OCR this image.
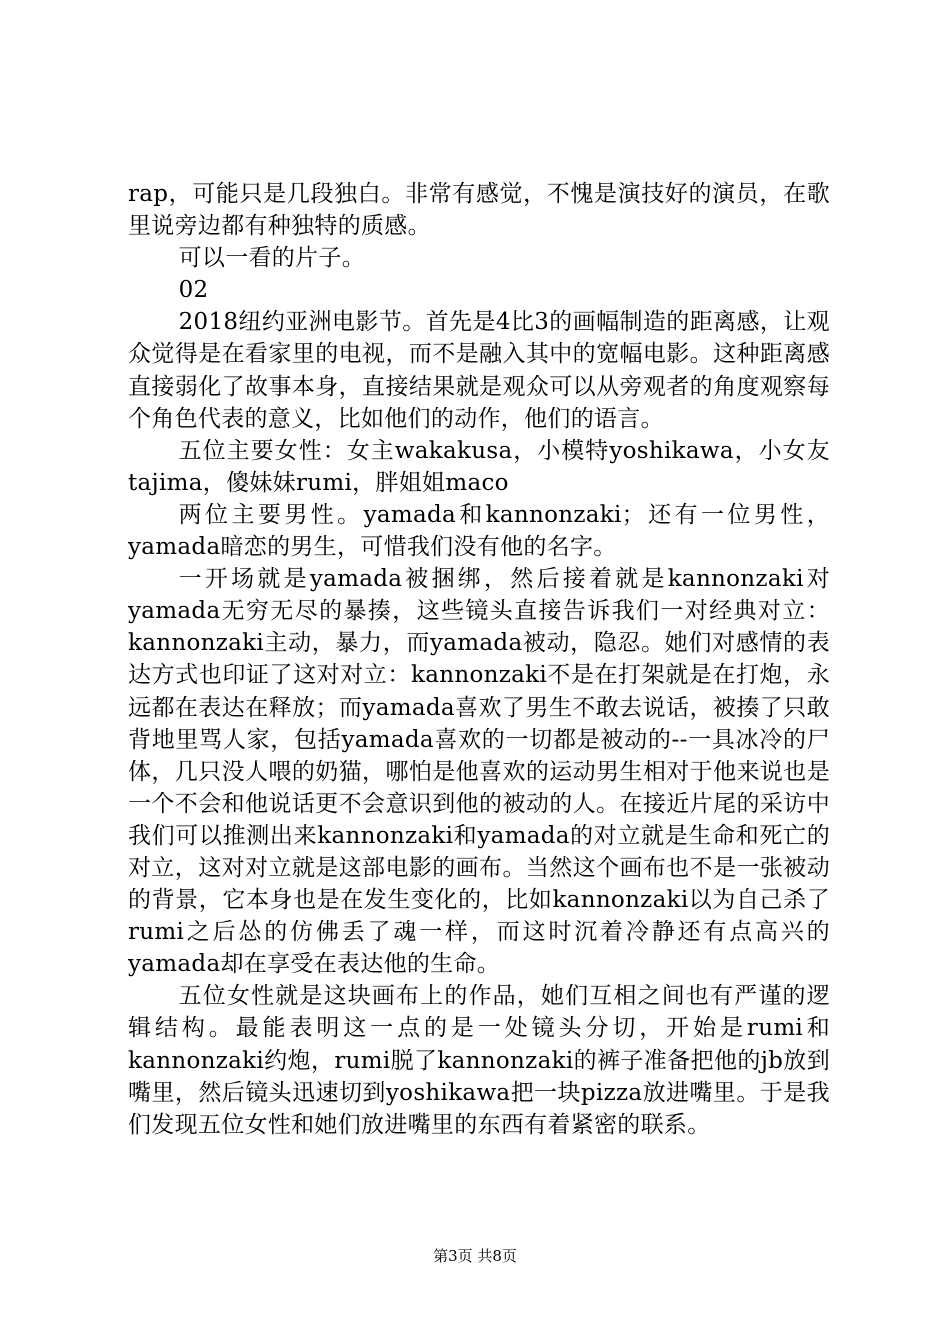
rap，可能只是几段独白。非常有感觉，不愧是演技好的演员，在歌里说旁边都有种独特的质感。

可以一看的片子。

02

2018纽约亚洲电影节。首先是4比3的画幅制造的距离感，让观众觉得是在看家里的电视，而不是融入其中的宽幅电影。这种距离感直接弱化了故事本身，直接结果就是观众可以从旁观者的角度观察每个角色代表的意义，比如他们的动作，他们的语言。

五位主要女性：女主wakakusa，小模特yoshikawa，小女友tajima，傻妹妹rumi，胖姐姐maco

两位主要男性。yamada和kannonzaki；还有一位男性，yamada暗恋的男生，可惜我们没有他的名字。

一开场就是yamada被捆绑，然后接着就是kannonzaki对yamada无穷无尽的暴揍，这些镜头直接告诉我们一对经典对立：kannonzaki主动，暴力，而yamada被动，隐忍。她们对感情的表达方式也印证了这对对立：kannonzaki不是在打架就是在打炮，永远都在表达在释放；而yamada喜欢了男生不敢去说话，被揍了只敢背地里骂人家，包括yamada喜欢的一切都是被动的--一具冰冷的尸体，几只没人喂的奶猫，哪怕是他喜欢的运动男生相对于他来说也是一个不会和他说话更不会意识到他的被动的人。在接近片尾的采访中我们可以推测出来kannonzaki和yamada的对立就是生命和死亡的对立，这对对立就是这部电影的画布。当然这个画布也不是一张被动的背景，它本身也是在发生变化的，比如kannonzaki以为自己杀了rumi之后怂的仿佛丢了魂一样，而这时沉着冷静还有点高兴的yamada却在享受在表达他的生命。

五位女性就是这块画布上的作品，她们互相之间也有严谨的逻辑结构。最能表明这一点的是一处镜头分切，开始是rumi和kannonzaki约炮，rumi脱了kannonzaki的裤子准备把他的jb放到嘴里，然后镜头迅速切到yoshikawa把一块pizza放进嘴里。于是我们发现五位女性和她们放进嘴里的东西有着紧密的联系。

第3页 共8页
